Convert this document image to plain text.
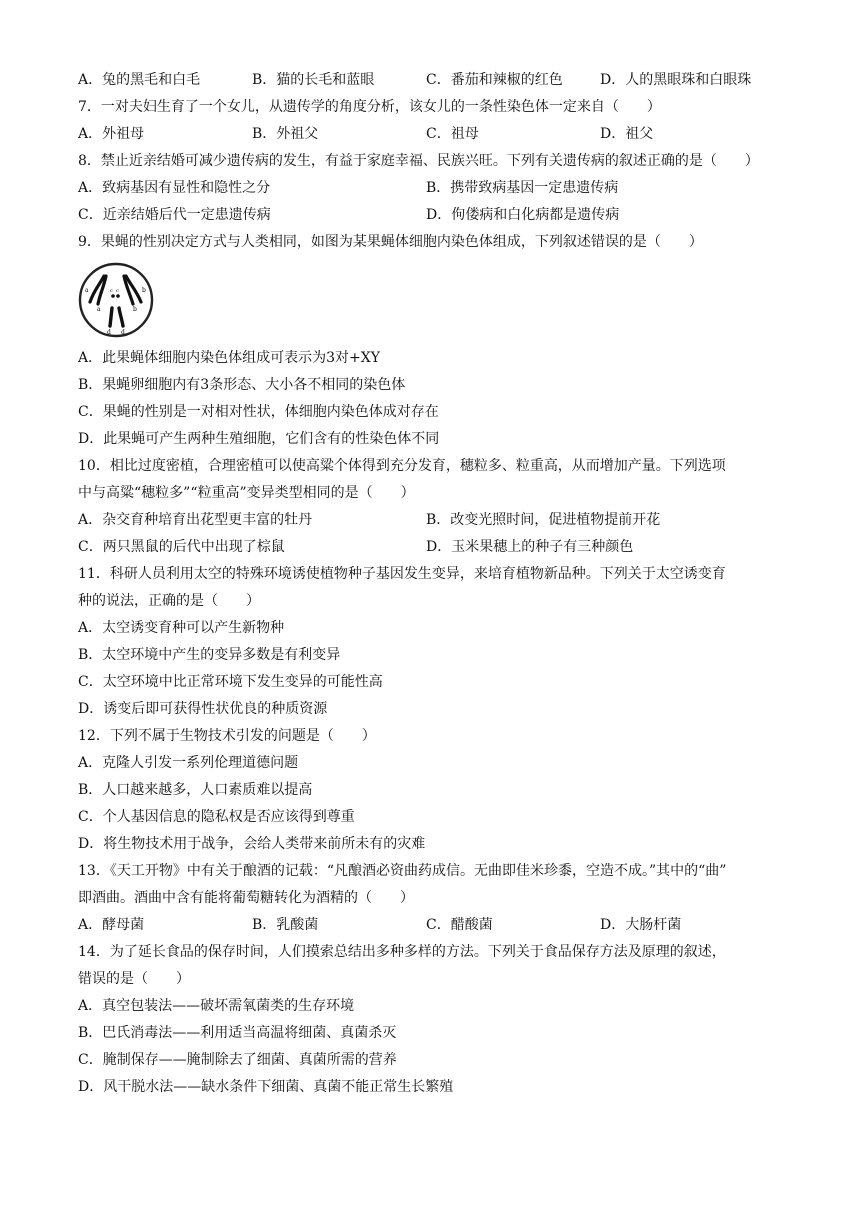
A．兔的黑毛和白毛	B．猫的长毛和蓝眼	C．番茄和辣椒的红色	D．人的黑眼珠和白眼珠
7．一对夫妇生育了一个女儿，从遗传学的角度分析，该女儿的一条性染色体一定来自（　　）
A．外祖母	B．外祖父	C．祖母	D．祖父
8．禁止近亲结婚可减少遗传病的发生，有益于家庭幸福、民族兴旺。下列有关遗传病的叙述正确的是（　　）
A．致病基因有显性和隐性之分	B．携带致病基因一定患遗传病
C．近亲结婚后代一定患遗传病	D．佝偻病和白化病都是遗传病
9．果蝇的性别决定方式与人类相同，如图为某果蝇体细胞内染色体组成，下列叙述错误的是（　　）
a
a
b
b
c c
d d
A．此果蝇体细胞内染色体组成可表示为3对+XY
B．果蝇卵细胞内有3条形态、大小各不相同的染色体
C．果蝇的性别是一对相对性状，体细胞内染色体成对存在
D．此果蝇可产生两种生殖细胞，它们含有的性染色体不同
10．相比过度密植，合理密植可以使高粱个体得到充分发育，穗粒多、粒重高，从而增加产量。下列选项
中与高粱“穗粒多”“粒重高”变异类型相同的是（　　）
A．杂交育种培育出花型更丰富的牡丹	B．改变光照时间，促进植物提前开花
C．两只黑鼠的后代中出现了棕鼠	D．玉米果穗上的种子有三种颜色
11．科研人员利用太空的特殊环境诱使植物种子基因发生变异，来培育植物新品种。下列关于太空诱变育
种的说法，正确的是（　　）
A．太空诱变育种可以产生新物种
B．太空环境中产生的变异多数是有利变异
C．太空环境中比正常环境下发生变异的可能性高
D．诱变后即可获得性状优良的种质资源
12．下列不属于生物技术引发的问题是（　　）
A．克隆人引发一系列伦理道德问题
B．人口越来越多，人口素质难以提高
C．个人基因信息的隐私权是否应该得到尊重
D．将生物技术用于战争，会给人类带来前所未有的灾难
13．《天工开物》中有关于酿酒的记载：“凡酿酒必资曲药成信。无曲即佳米珍黍，空造不成。”其中的“曲”
即酒曲。酒曲中含有能将葡萄糖转化为酒精的（　　）
A．酵母菌	B．乳酸菌	C．醋酸菌	D．大肠杆菌
14．为了延长食品的保存时间，人们摸索总结出多种多样的方法。下列关于食品保存方法及原理的叙述，
错误的是（　　）
A．真空包装法——破坏需氧菌类的生存环境
B．巴氏消毒法——利用适当高温将细菌、真菌杀灭
C．腌制保存——腌制除去了细菌、真菌所需的营养
D．风干脱水法——缺水条件下细菌、真菌不能正常生长繁殖
